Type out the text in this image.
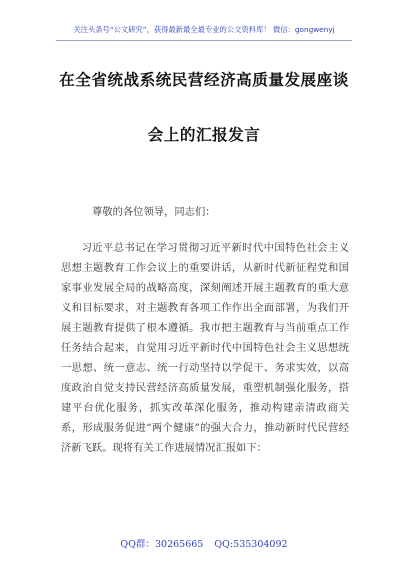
关注头条号“公文研究”，获得最新最全最专业的公文资料库！ 微信：gongwenyj
在全省统战系统民营经济高质量发展座谈
会上的汇报发言
尊敬的各位领导，同志们：
习近平总书记在学习贯彻习近平新时代中国特色社会主义思想主题教育工作会议上的重要讲话，从新时代新征程党和国家事业发展全局的战略高度，深刻阐述开展主题教育的重大意义和目标要求，对主题教育各项工作作出全面部署，为我们开展主题教育提供了根本遵循。我市把主题教育与当前重点工作任务结合起来，自觉用习近平新时代中国特色社会主义思想统一思想、统一意志、统一行动坚持以学促干、务求实效，以高度政治自觉支持民营经济高质量发展，重塑机制强化服务，搭建平台优化服务，抓实改革深化服务，推动构建亲清政商关系，形成服务促进“两个健康”的强大合力，推动新时代民营经济新飞跃。现将有关工作进展情况汇报如下：
QQ群：30265665 QQ:535304092
